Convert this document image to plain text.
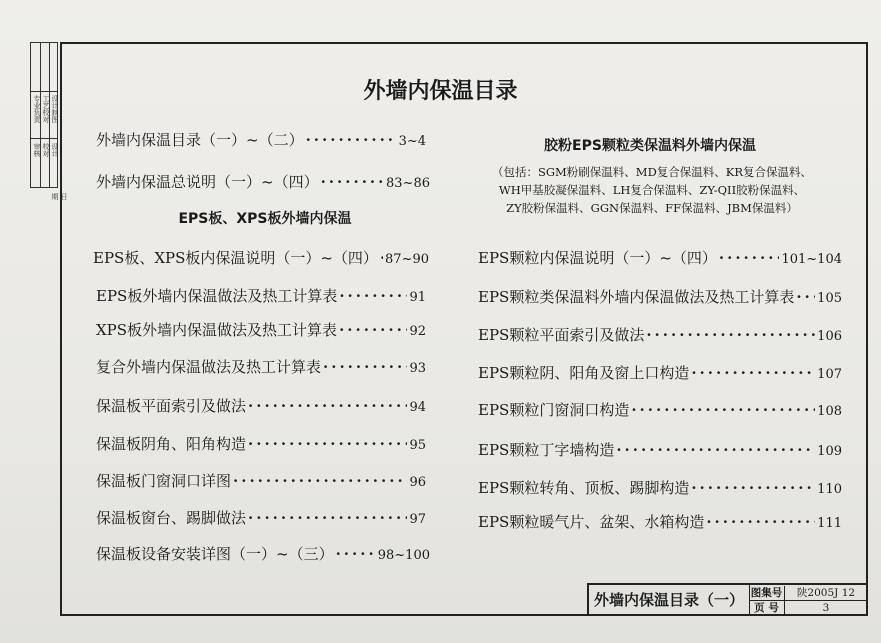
专业负责 工艺校对 设计制图
审核 校对 设计
日期
外墙内保温目录
外墙内保温目录（一）~（二） ·····	3~4
外墙内保温总说明（一）~（四） ·····	83~86
EPS板、XPS板外墙内保温
EPS板、XPS板内保温说明（一）~（四） ····· 87~90
EPS板外墙内保温做法及热工计算表 ·····	91
XPS板外墙内保温做法及热工计算表 ·····	92
复合外墙内保温做法及热工计算表 ·····	93
保温板平面索引及做法 ·····	94
保温板阴角、阳角构造 ·····	95
保温板门窗洞口详图 ·····	96
保温板窗台、踢脚做法 ·····	97
保温板设备安装详图（一）~（三） ·····	98~100
胶粉EPS颗粒类保温料外墙内保温
（包括：SGM粉刷保温料、MD复合保温料、KR复合保温料、
WH甲基胶凝保温料、LH复合保温料、ZY-QII胶粉保温料、
ZY胶粉保温料、GGN保温料、FF保温料、JBM保温料）
EPS颗粒内保温说明（一）~（四） ·····	101~104
EPS颗粒类保温料外墙内保温做法及热工计算表 ····· 105
EPS颗粒平面索引及做法 ·····	106
EPS颗粒阴、阳角及窗上口构造 ·····	107
EPS颗粒门窗洞口构造 ·····	108
EPS颗粒丁字墙构造 ·····	109
EPS颗粒转角、顶板、踢脚构造 ·····	110
EPS颗粒暖气片、盆架、水箱构造 ·····	111
外墙内保温目录（一） 图集号	陕2005J 12
页 号	3
